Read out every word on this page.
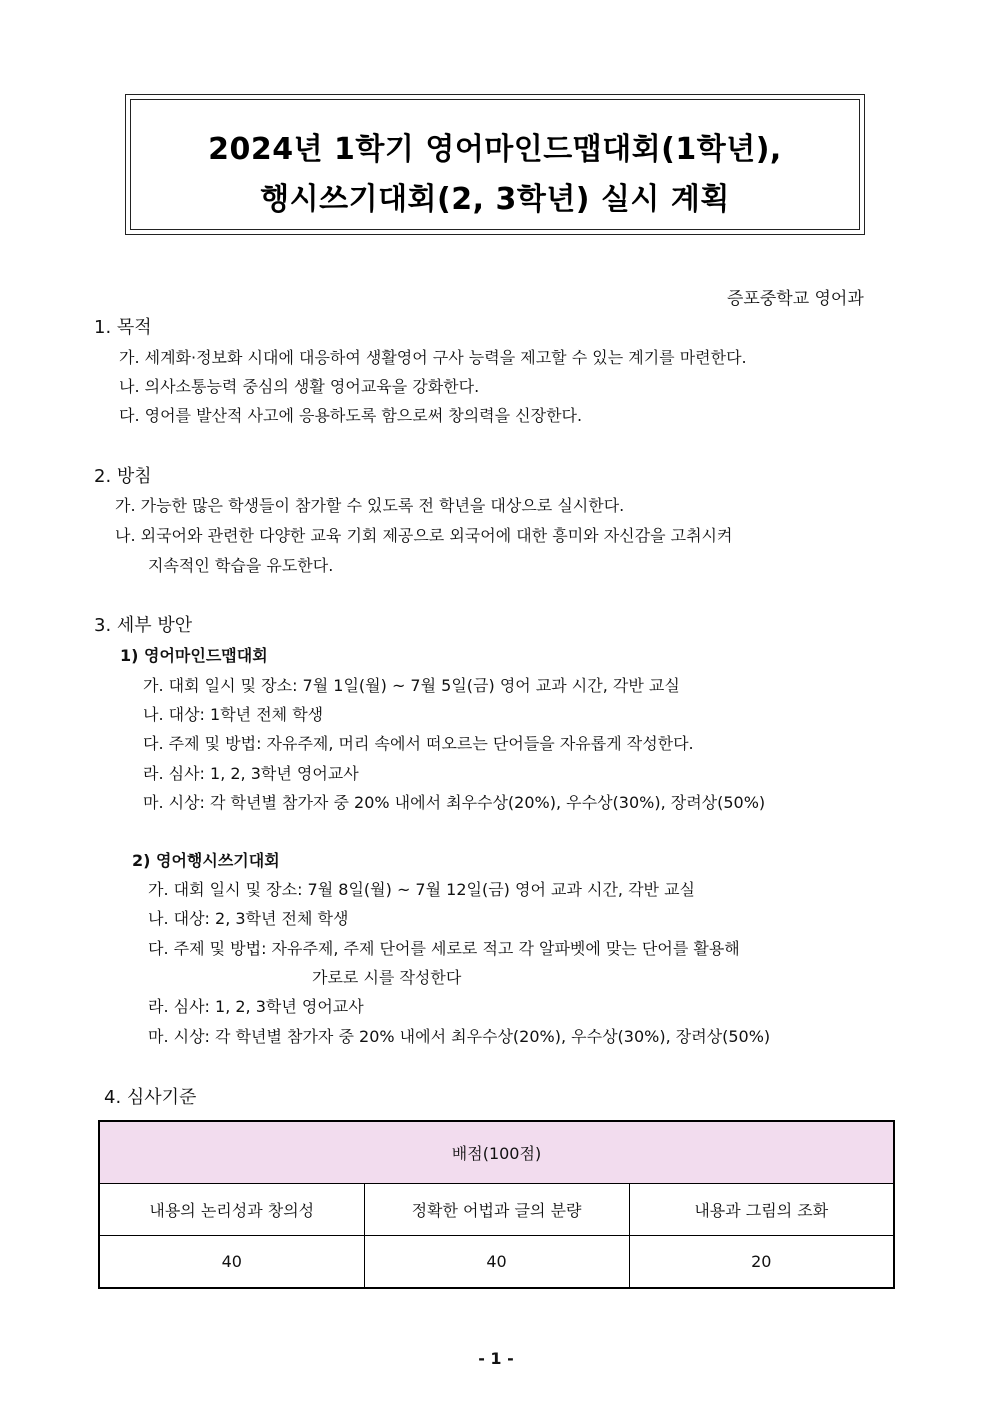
2024년 1학기 영어마인드맵대회(1학년),
행시쓰기대회(2, 3학년) 실시 계획
증포중학교 영어과
1. 목적
가. 세계화·정보화 시대에 대응하여 생활영어 구사 능력을 제고할 수 있는 계기를 마련한다.
나. 의사소통능력 중심의 생활 영어교육을 강화한다.
다. 영어를 발산적 사고에 응용하도록 함으로써 창의력을 신장한다.
2. 방침
가. 가능한 많은 학생들이 참가할 수 있도록 전 학년을 대상으로 실시한다.
나. 외국어와 관련한 다양한 교육 기회 제공으로 외국어에 대한 흥미와 자신감을 고취시켜
지속적인 학습을 유도한다.
3. 세부 방안
1) 영어마인드맵대회
가. 대회 일시 및 장소: 7월 1일(월) ~ 7월 5일(금) 영어 교과 시간, 각반 교실
나. 대상: 1학년 전체 학생
다. 주제 및 방법: 자유주제, 머리 속에서 떠오르는 단어들을 자유롭게 작성한다.
라. 심사: 1, 2, 3학년 영어교사
마. 시상: 각 학년별 참가자 중 20% 내에서 최우수상(20%), 우수상(30%), 장려상(50%)
2) 영어행시쓰기대회
가. 대회 일시 및 장소: 7월 8일(월) ~ 7월 12일(금) 영어 교과 시간, 각반 교실
나. 대상: 2, 3학년 전체 학생
다. 주제 및 방법: 자유주제, 주제 단어를 세로로 적고 각 알파벳에 맞는 단어를 활용해
가로로 시를 작성한다
라. 심사: 1, 2, 3학년 영어교사
마. 시상: 각 학년별 참가자 중 20% 내에서 최우수상(20%), 우수상(30%), 장려상(50%)
4. 심사기준
배점(100점)		
내용의 논리성과 창의성	정확한 어법과 글의 분량	내용과 그림의 조화
40	40	20
- 1 -
